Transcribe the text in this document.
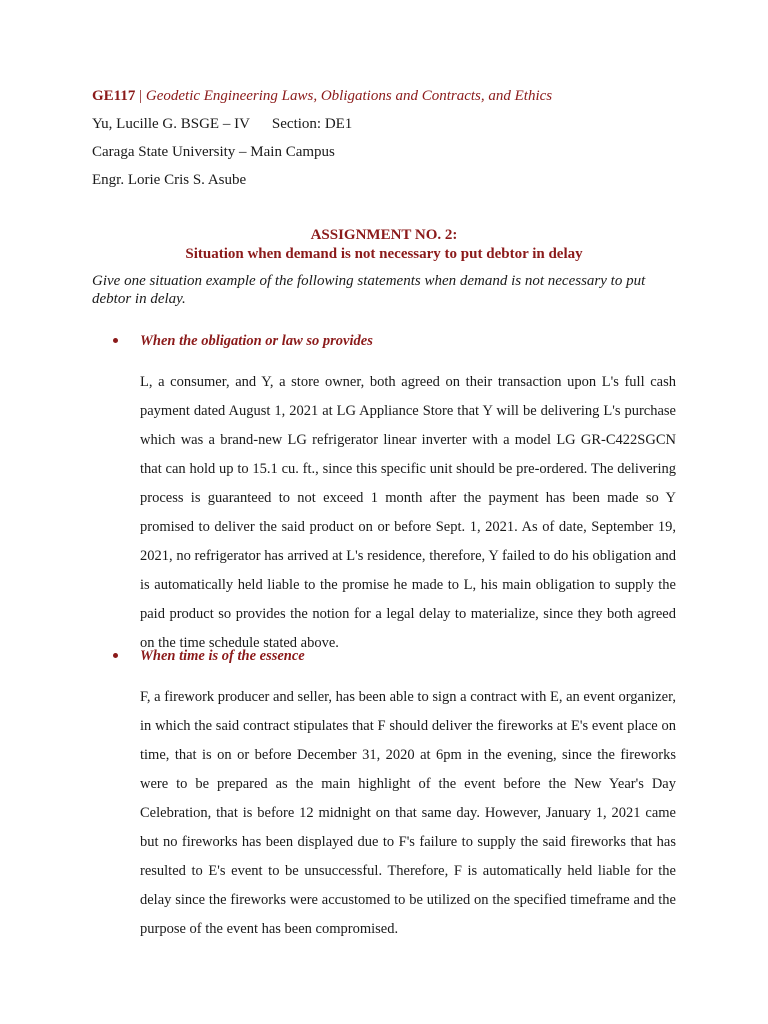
GE117 | Geodetic Engineering Laws, Obligations and Contracts, and Ethics
Yu, Lucille G. BSGE – IV Section: DE1
Caraga State University – Main Campus
Engr. Lorie Cris S. Asube
ASSIGNMENT NO. 2:
Situation when demand is not necessary to put debtor in delay
Give one situation example of the following statements when demand is not necessary to put debtor in delay.
When the obligation or law so provides

L, a consumer, and Y, a store owner, both agreed on their transaction upon L's full cash payment dated August 1, 2021 at LG Appliance Store that Y will be delivering L's purchase which was a brand-new LG refrigerator linear inverter with a model LG GR-C422SGCN that can hold up to 15.1 cu. ft., since this specific unit should be pre-ordered. The delivering process is guaranteed to not exceed 1 month after the payment has been made so Y promised to deliver the said product on or before Sept. 1, 2021. As of date, September 19, 2021, no refrigerator has arrived at L's residence, therefore, Y failed to do his obligation and is automatically held liable to the promise he made to L, his main obligation to supply the paid product so provides the notion for a legal delay to materialize, since they both agreed on the time schedule stated above.

When time is of the essence

F, a firework producer and seller, has been able to sign a contract with E, an event organizer, in which the said contract stipulates that F should deliver the fireworks at E's event place on time, that is on or before December 31, 2020 at 6pm in the evening, since the fireworks were to be prepared as the main highlight of the event before the New Year's Day Celebration, that is before 12 midnight on that same day. However, January 1, 2021 came but no fireworks has been displayed due to F's failure to supply the said fireworks that has resulted to E's event to be unsuccessful. Therefore, F is automatically held liable for the delay since the fireworks were accustomed to be utilized on the specified timeframe and the purpose of the event has been compromised.
